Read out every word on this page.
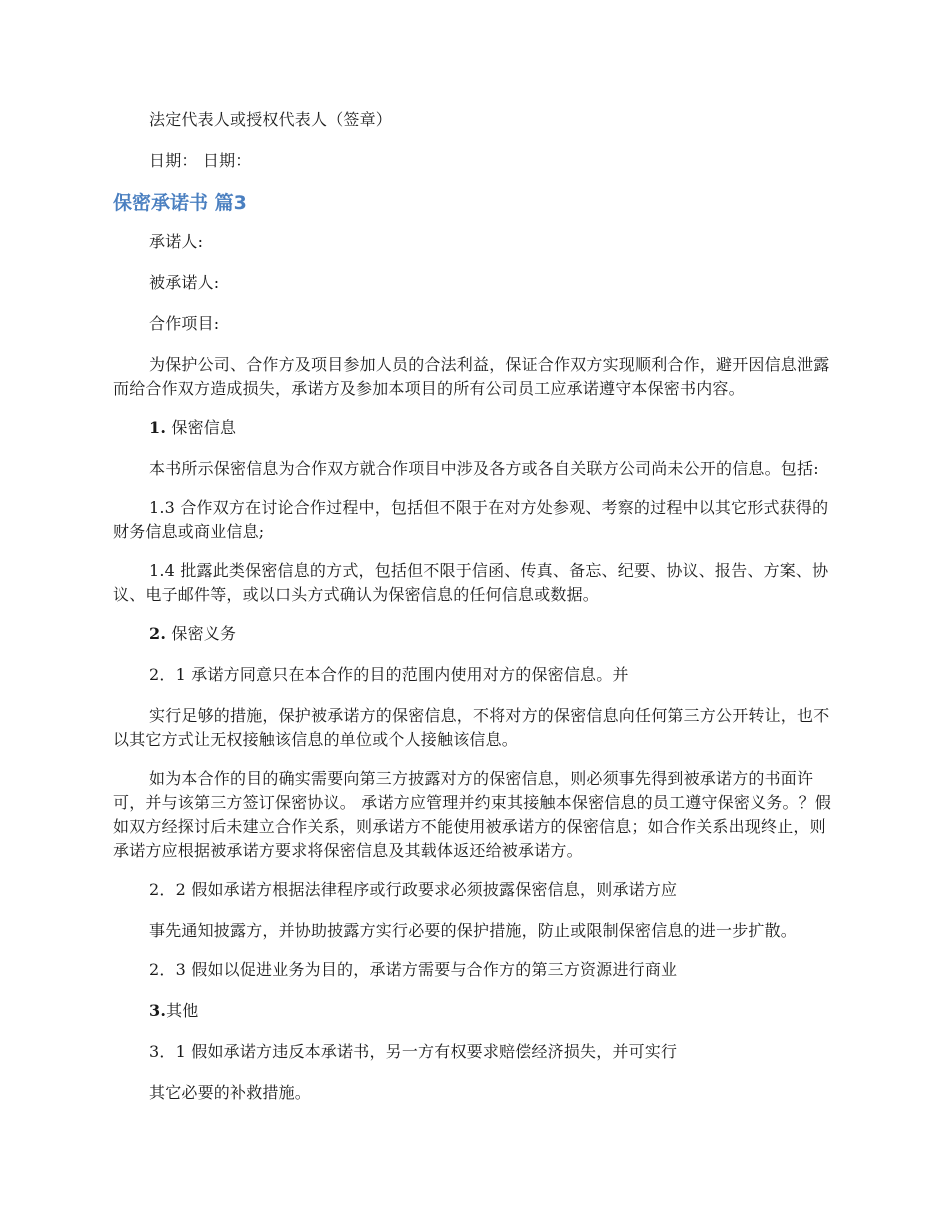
法定代表人或授权代表人（签章）

日期： 日期：

保密承诺书 篇3

承诺人:

被承诺人:

合作项目:

为保护公司、合作方及项目参加人员的合法利益，保证合作双方实现顺利合作，避开因信息泄露而给合作双方造成损失，承诺方及参加本项目的所有公司员工应承诺遵守本保密书内容。

1. 保密信息

本书所示保密信息为合作双方就合作项目中涉及各方或各自关联方公司尚未公开的信息。包括:

1.3 合作双方在讨论合作过程中，包括但不限于在对方处参观、考察的过程中以其它形式获得的财务信息或商业信息;

1.4 批露此类保密信息的方式，包括但不限于信函、传真、备忘、纪要、协议、报告、方案、协议、电子邮件等，或以口头方式确认为保密信息的任何信息或数据。

2. 保密义务

2．1 承诺方同意只在本合作的目的范围内使用对方的保密信息。并

实行足够的措施，保护被承诺方的保密信息，不将对方的保密信息向任何第三方公开转让，也不以其它方式让无权接触该信息的单位或个人接触该信息。

如为本合作的目的确实需要向第三方披露对方的保密信息，则必须事先得到被承诺方的书面许可，并与该第三方签订保密协议。 承诺方应管理并约束其接触本保密信息的员工遵守保密义务。？假如双方经探讨后未建立合作关系，则承诺方不能使用被承诺方的保密信息；如合作关系出现终止，则承诺方应根据被承诺方要求将保密信息及其载体返还给被承诺方。

2．2 假如承诺方根据法律程序或行政要求必须披露保密信息，则承诺方应

事先通知披露方，并协助披露方实行必要的保护措施，防止或限制保密信息的进一步扩散。

2．3 假如以促进业务为目的，承诺方需要与合作方的第三方资源进行商业

3.其他

3．1 假如承诺方违反本承诺书，另一方有权要求赔偿经济损失，并可实行

其它必要的补救措施。
